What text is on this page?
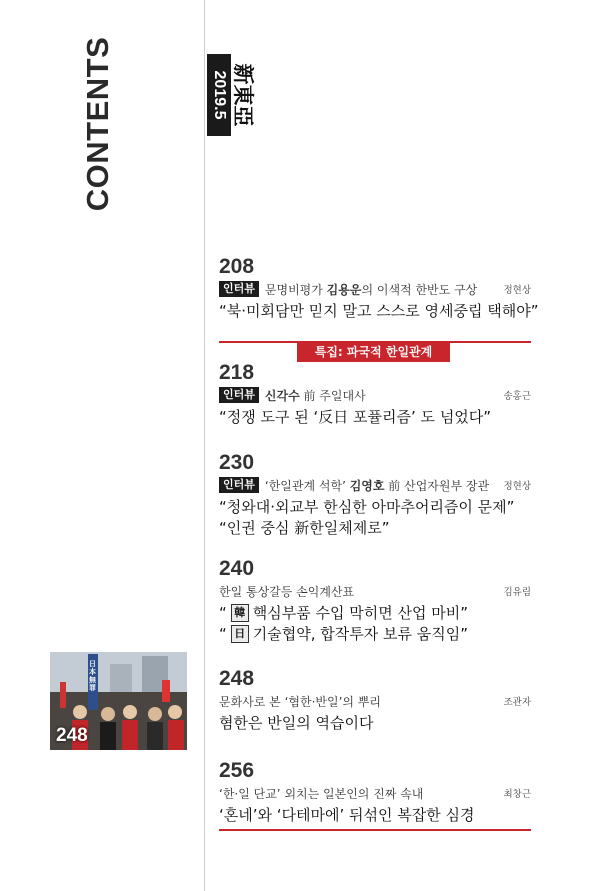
CONTENTS	2019.5 新東亞
208
인터뷰 문명비평가 김용운의 이색적 한반도 구상	정현상
“북·미회담만 믿지 말고 스스로 영세중립 택해야”
특집: 파국적 한일관계
218
인터뷰 신각수 前 주일대사	송홍근
“정쟁 도구 된 ‘反日 포퓰리즘’ 도 넘었다”
230
인터뷰 ‘한일관계 석학’ 김영호 前 산업자원부 장관	정현상
“청와대·외교부 한심한 아마추어리즘이 문제”
“인권 중심 新한일체제로”
240
한일 통상갈등 손익계산표	김유림
“ 韓 핵심부품 수입 막히면 산업 마비”
“ 日 기술협약, 합작투자 보류 움직임”
248
문화사로 본 ‘혐한·반일’의 뿌리	조관자
혐한은 반일의 역습이다
256
‘한·일 단교’ 외치는 일본인의 진짜 속내	최창근
‘혼네’와 ‘다테마에’ 뒤섞인 복잡한 심경
日本無罪
248
